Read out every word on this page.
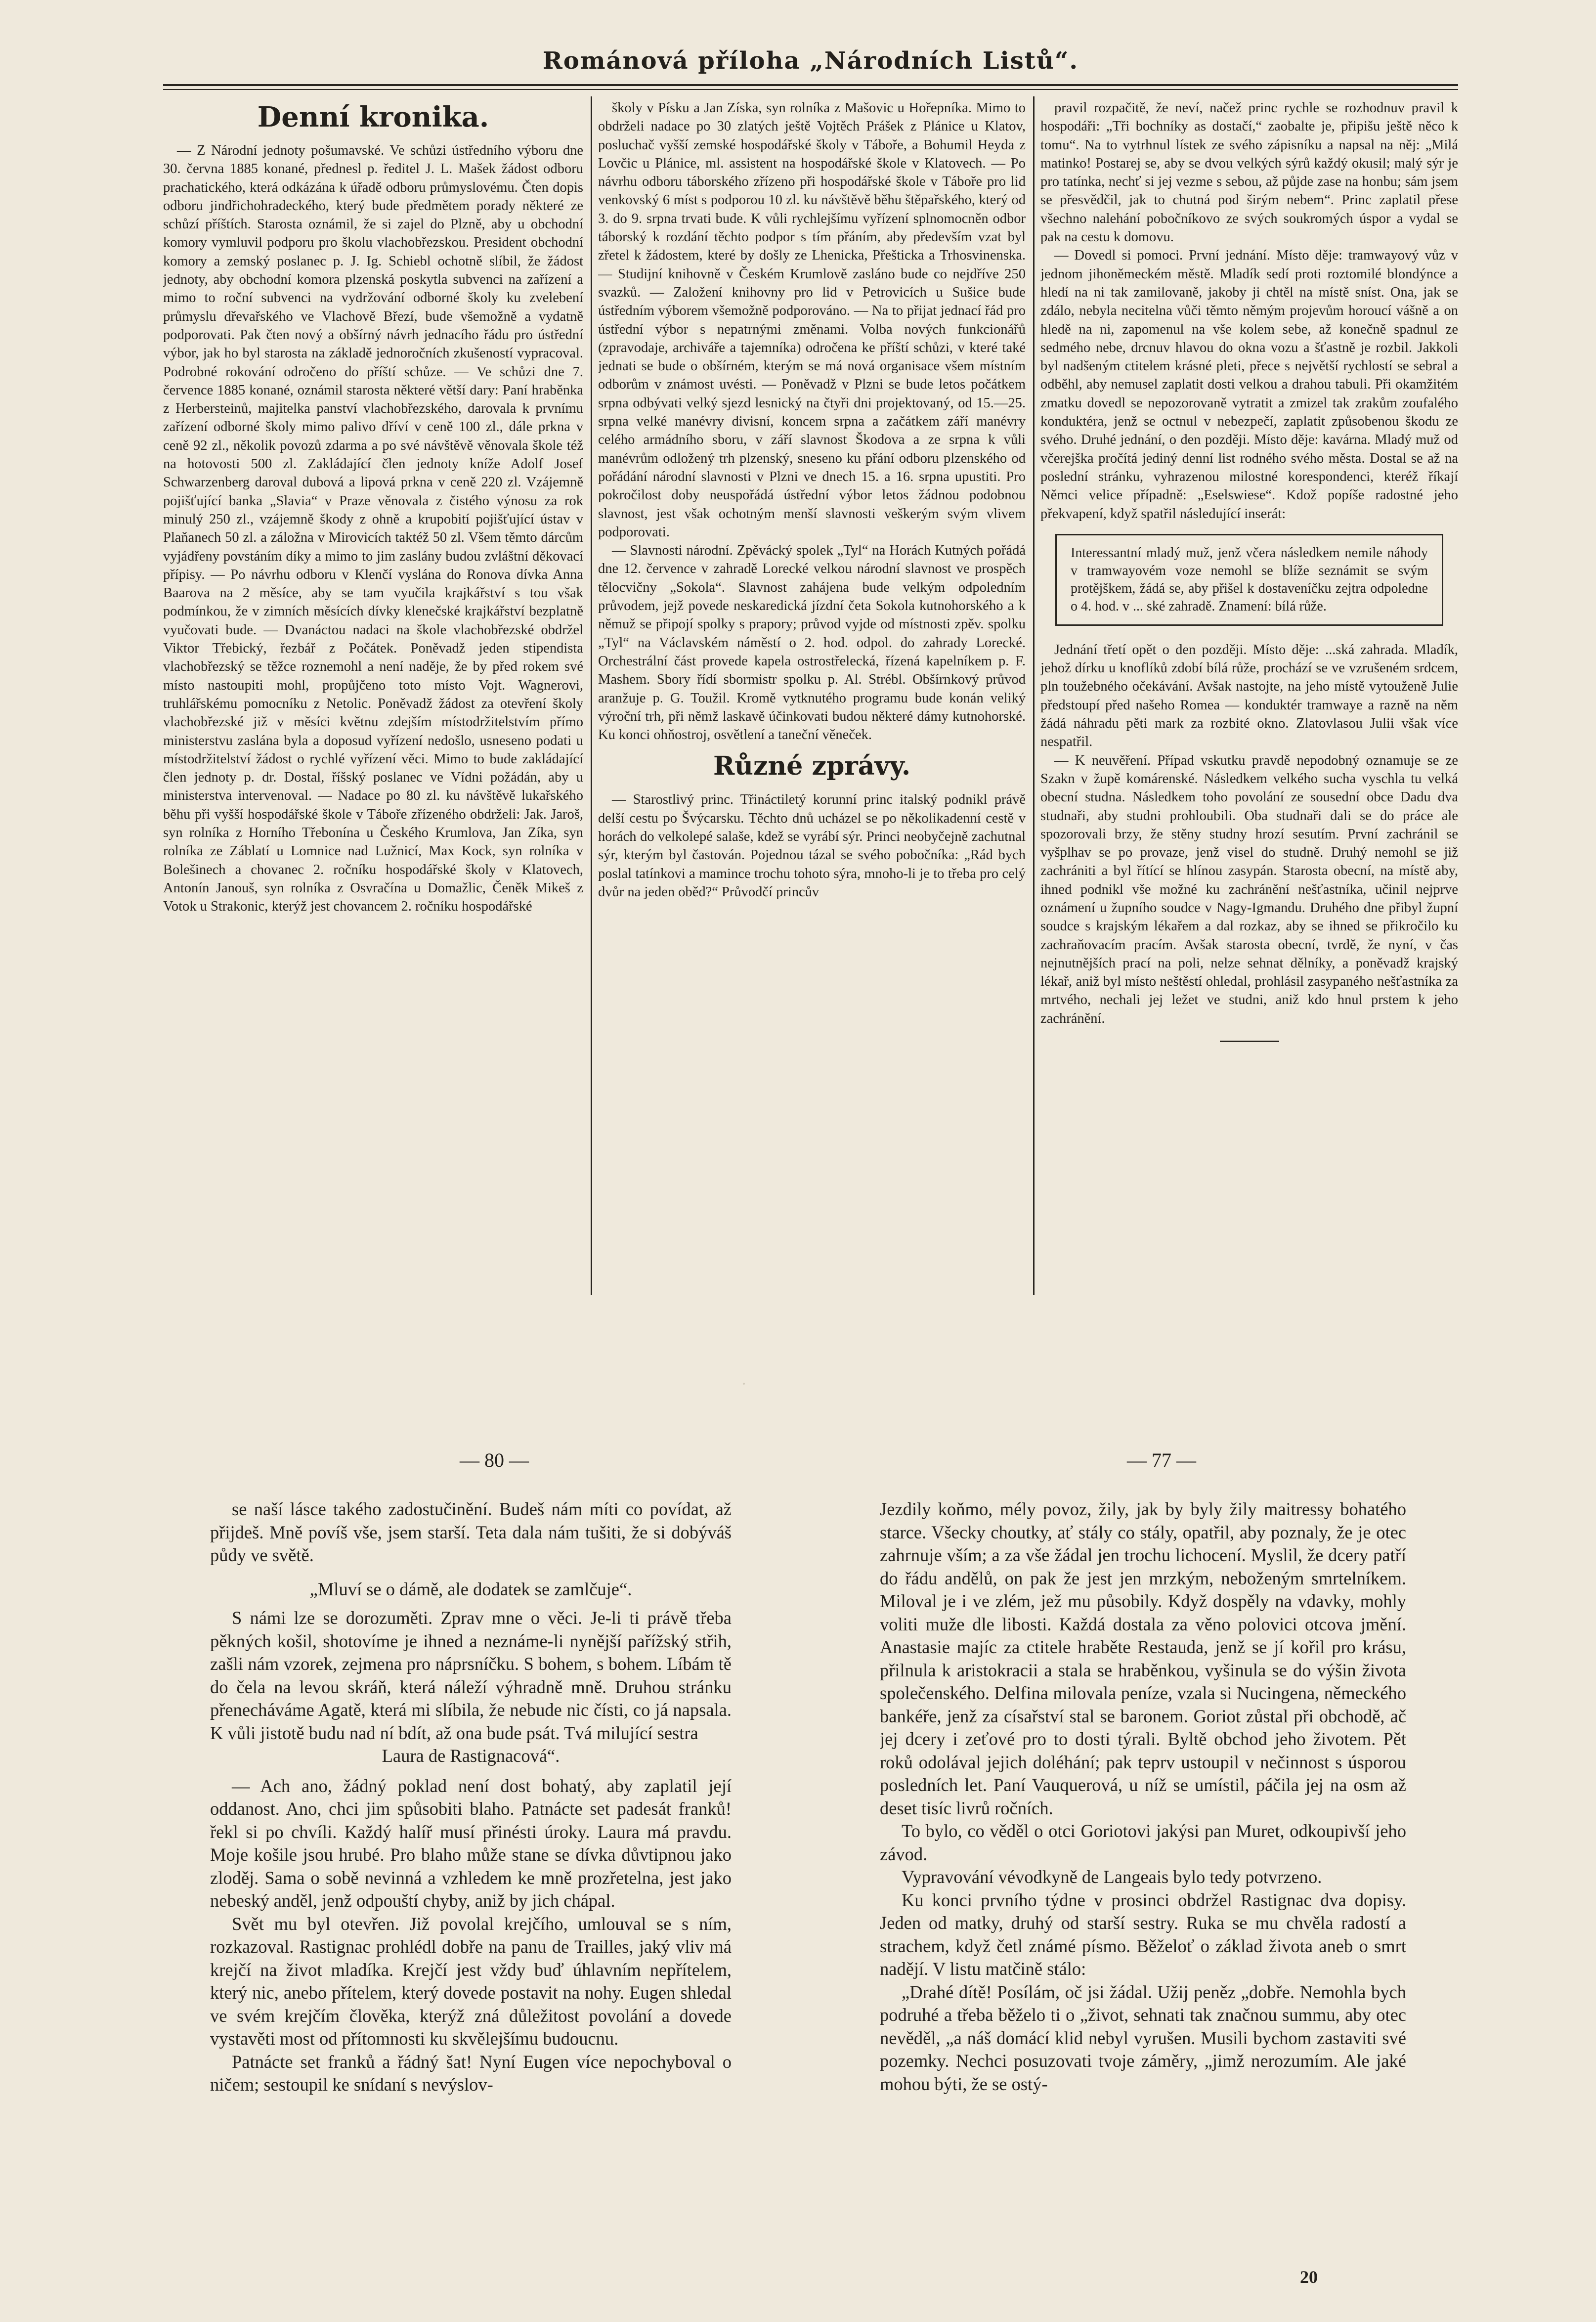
Románová příloha „Národních Listů“.
Denní kronika.

— Z Národní jednoty pošumavské. Ve schůzi ústředního výboru dne 30. června 1885 konané, přednesl p. ředitel J. L. Mašek žádost odboru prachatického, která odkázána k úřadě odboru průmyslovému. Čten dopis odboru jindřichohradeckého, který bude předmětem porady některé ze schůzí příštích. Starosta oznámil, že si zajel do Plzně, aby u obchodní komory vymluvil podporu pro školu vlachobřezskou. President obchodní komory a zemský poslanec p. J. Ig. Schiebl ochotně slíbil, že žádost jednoty, aby obchodní komora plzenská poskytla subvenci na zařízení a mimo to roční subvenci na vydržování odborné školy ku zvelebení průmyslu dřevařského ve Vlachově Březí, bude všemožně a vydatně podporovati. Pak čten nový a obšírný návrh jednacího řádu pro ústřední výbor, jak ho byl starosta na základě jednoročních zkušeností vypracoval. Podrobné rokování odročeno do příští schůze. — Ve schůzi dne 7. července 1885 konané, oznámil starosta některé větší dary: Paní hraběnka z Herbersteinů, majitelka panství vlachobřezského, darovala k prvnímu zařízení odborné školy mimo palivo dříví v ceně 100 zl., dále prkna v ceně 92 zl., několik povozů zdarma a po své návštěvě věnovala škole též na hotovosti 500 zl. Zakládající člen jednoty kníže Adolf Josef Schwarzenberg daroval dubová a lipová prkna v ceně 220 zl. Vzájemně pojišťující banka „Slavia“ v Praze věnovala z čistého výnosu za rok minulý 250 zl., vzájemně škody z ohně a krupobití pojišťující ústav v Plaňanech 50 zl. a záložna v Mirovicích taktéž 50 zl. Všem těmto dárcům vyjádřeny povstáním díky a mimo to jim zaslány budou zvláštní děkovací přípisy. — Po návrhu odboru v Klenčí vyslána do Ronova dívka Anna Baarova na 2 měsíce, aby se tam vyučila krajkářství s tou však podmínkou, že v zimních měsících dívky klenečské krajkářství bezplatně vyučovati bude. — Dvanáctou nadaci na škole vlachobřezské obdržel Viktor Třebický, řezbář z Počátek. Poněvadž jeden stipendista vlachobřezský se těžce roznemohl a není naděje, že by před rokem své místo nastoupiti mohl, propůjčeno toto místo Vojt. Wagnerovi, truhlářskému pomocníku z Netolic. Poněvadž žádost za otevření školy vlachobřezské již v měsíci květnu zdejším místodržitelstvím přímo ministerstvu zaslána byla a doposud vyřízení nedošlo, usneseno podati u místodržitelství žádost o rychlé vyřízení věci. Mimo to bude zakládající člen jednoty p. dr. Dostal, říšský poslanec ve Vídni požádán, aby u ministerstva intervenoval. — Nadace po 80 zl. ku návštěvě lukařského běhu při vyšší hospodářské škole v Táboře zřízeného obdrželi: Jak. Jaroš, syn rolníka z Horního Třebonína u Českého Krumlova, Jan Zíka, syn rolníka ze Záblatí u Lomnice nad Lužnicí, Max Kock, syn rolníka v Bolešinech a chovanec 2. ročníku hospodářské školy v Klatovech, Antonín Janouš, syn rolníka z Osvračína u Domažlic, Čeněk Mikeš z Votok u Strakonic, kterýž jest chovancem 2. ročníku hospodářské

školy v Písku a Jan Získa, syn rolníka z Mašovic u Hořepníka. Mimo to obdrželi nadace po 30 zlatých ještě Vojtěch Prášek z Plánice u Klatov, posluchač vyšší zemské hospodářské školy v Táboře, a Bohumil Heyda z Lovčic u Plánice, ml. assistent na hospodářské škole v Klatovech. — Po návrhu odboru táborského zřízeno při hospodářské škole v Táboře pro lid venkovský 6 míst s podporou 10 zl. ku návštěvě běhu štěpařského, který od 3. do 9. srpna trvati bude. K vůli rychlejšímu vyřízení splnomocněn odbor táborský k rozdání těchto podpor s tím přáním, aby především vzat byl zřetel k žádostem, které by došly ze Lhenicka, Přešticka a Trhosvinenska. — Studijní knihovně v Českém Krumlově zasláno bude co nejdříve 250 svazků. — Založení knihovny pro lid v Petrovicích u Sušice bude ústředním výborem všemožně podporováno. — Na to přijat jednací řád pro ústřední výbor s nepatrnými změnami. Volba nových funkcionářů (zpravodaje, archiváře a tajemníka) odročena ke příští schůzi, v které také jednati se bude o obšírném, kterým se má nová organisace všem místním odborům v známost uvésti. — Poněvadž v Plzni se bude letos počátkem srpna odbývati velký sjezd lesnický na čtyři dni projektovaný, od 15.—25. srpna velké manévry divisní, koncem srpna a začátkem září manévry celého armádního sboru, v září slavnost Škodova a ze srpna k vůli manévrům odložený trh plzenský, sneseno ku přání odboru plzenského od pořádání národní slavnosti v Plzni ve dnech 15. a 16. srpna upustiti. Pro pokročilost doby neuspořádá ústřední výbor letos žádnou podobnou slavnost, jest však ochotným menší slavnosti veškerým svým vlivem podporovati.

— Slavnosti národní. Zpěvácký spolek „Tyl“ na Horách Kutných pořádá dne 12. července v zahradě Lorecké velkou národní slavnost ve prospěch tělocvičny „Sokola“. Slavnost zahájena bude velkým odpoledním průvodem, jejž povede neskaredická jízdní četa Sokola kutnohorského a k němuž se připojí spolky s prapory; průvod vyjde od místnosti zpěv. spolku „Tyl“ na Václavském náměstí o 2. hod. odpol. do zahrady Lorecké. Orchestrální část provede kapela ostrostřelecká, řízená kapelníkem p. F. Mashem. Sbory řídí sbormistr spolku p. Al. Strébl. Obšírnkový průvod aranžuje p. G. Toužil. Kromě vytknutého programu bude konán veliký výroční trh, při němž laskavě účinkovati budou některé dámy kutnohorské. Ku konci ohňostroj, osvětlení a taneční věneček.

Různé zprávy.

— Starostlivý princ. Třináctiletý korunní princ italský podnikl právě delší cestu po Švýcarsku. Těchto dnů ucházel se po několikadenní cestě v horách do velkolepé salaše, kdež se vyrábí sýr. Princi neobyčejně zachutnal sýr, kterým byl častován. Pojednou tázal se svého pobočníka: „Rád bych poslal tatínkovi a mamince trochu tohoto sýra, mnoho-li je to třeba pro celý dvůr na jeden oběd?“ Průvodčí princův

pravil rozpačitě, že neví, načež princ rychle se rozhodnuv pravil k hospodáři: „Tři bochníky as dostačí,“ zaobalte je, připišu ještě něco k tomu“. Na to vytrhnul lístek ze svého zápisníku a napsal na něj: „Milá matinko! Postarej se, aby se dvou velkých sýrů každý okusil; malý sýr je pro tatínka, nechť si jej vezme s sebou, až půjde zase na honbu; sám jsem se přesvědčil, jak to chutná pod širým nebem“. Princ zaplatil přese všechno nalehání pobočníkovo ze svých soukromých úspor a vydal se pak na cestu k domovu.

— Dovedl si pomoci. První jednání. Místo děje: tramwayový vůz v jednom jihoněmeckém městě. Mladík sedí proti roztomilé blondýnce a hledí na ni tak zamilovaně, jakoby ji chtěl na místě sníst. Ona, jak se zdálo, nebyla necitelna vůči těmto němým projevům horoucí vášně a on hledě na ni, zapomenul na vše kolem sebe, až konečně spadnul ze sedmého nebe, drcnuv hlavou do okna vozu a šťastně je rozbil. Jakkoli byl nadšeným ctitelem krásné pleti, přece s největší rychlostí se sebral a odběhl, aby nemusel zaplatit dosti velkou a drahou tabuli. Při okamžitém zmatku dovedl se nepozorovaně vytratit a zmizel tak zrakům zoufalého konduktéra, jenž se octnul v nebezpečí, zaplatit způsobenou škodu ze svého. Druhé jednání, o den později. Místo děje: kavárna. Mladý muž od včerejška pročítá jediný denní list rodného svého města. Dostal se až na poslední stránku, vyhrazenou milostné korespondenci, kteréž říkají Němci velice případně: „Eselswiese“. Kdož popíše radostné jeho překvapení, když spatřil následující inserát:

Interessantní mladý muž, jenž včera následkem nemile náhody v tramwayovém voze nemohl se blíže seznámit se svým protějškem, žádá se, aby přišel k dostaveníčku zejtra odpoledne o 4. hod. v ... ské zahradě. Znamení: bílá růže.

Jednání třetí opět o den později. Místo děje: ...ská zahrada. Mladík, jehož dírku u knoflíků zdobí bílá růže, prochází se ve vzrušeném srdcem, pln toužebného očekávání. Avšak nastojte, na jeho místě vytouženě Julie předstoupí před našeho Romea — konduktér tramwaye a razně na něm žádá náhradu pěti mark za rozbité okno. Zlatovlasou Julii však více nespatřil.

— K neuvěření. Případ vskutku pravdě nepodobný oznamuje se ze Szakn v župě komárenské. Následkem velkého sucha vyschla tu velká obecní studna. Následkem toho povolání ze sousední obce Dadu dva studnaři, aby studni prohloubili. Oba studnaři dali se do práce ale spozorovali brzy, že stěny studny hrozí sesutím. První zachránil se vyšplhav se po provaze, jenž visel do studně. Druhý nemohl se již zachrániti a byl řítící se hlínou zasypán. Starosta obecní, na místě aby, ihned podnikl vše možné ku zachránění nešťastníka, učinil nejprve oznámení u župního soudce v Nagy-Igmandu. Druhého dne přibyl župní soudce s krajským lékařem a dal rozkaz, aby se ihned se přikročilo ku zachraňovacím pracím. Avšak starosta obecní, tvrdě, že nyní, v čas nejnutnějších prací na poli, nelze sehnat dělníky, a poněvadž krajský lékař, aniž byl místo neštěstí ohledal, prohlásil zasypaného nešťastníka za mrtvého, nechali jej ležet ve studni, aniž kdo hnul prstem k jeho zachránění.

·
— 80 —	— 77 —

se naší lásce takého zadostučinění. Budeš nám míti co povídat, až přijdeš. Mně povíš vše, jsem starší. Teta dala nám tušiti, že si dobýváš půdy ve světě.

„Mluví se o dámě, ale dodatek se zamlčuje“.

S námi lze se dorozuměti. Zprav mne o věci. Je-li ti právě třeba pěkných košil, shotovíme je ihned a neznáme-li nynější pařížský střih, zašli nám vzorek, zejmena pro náprsníčku. S bohem, s bohem. Líbám tě do čela na levou skráň, která náleží výhradně mně. Druhou stránku přenecháváme Agatě, která mi slíbila, že nebude nic čísti, co já napsala. K vůli jistotě budu nad ní bdít, až ona bude psát. Tvá milující sestra

Laura de Rastignacová“.

— Ach ano, žádný poklad není dost bohatý, aby zaplatil její oddanost. Ano, chci jim spůsobiti blaho. Patnácte set padesát franků! řekl si po chvíli. Každý halíř musí přinésti úroky. Laura má pravdu. Moje košile jsou hrubé. Pro blaho může stane se dívka důvtipnou jako zloděj. Sama o sobě nevinná a vzhledem ke mně prozřetelna, jest jako nebeský anděl, jenž odpouští chyby, aniž by jich chápal.

Svět mu byl otevřen. Již povolal krejčího, umlouval se s ním, rozkazoval. Rastignac prohlédl dobře na panu de Trailles, jaký vliv má krejčí na život mladíka. Krejčí jest vždy buď úhlavním nepřítelem, který nic, anebo přítelem, který dovede postavit na nohy. Eugen shledal ve svém krejčím člověka, kterýž zná důležitost povolání a dovede vystavěti most od přítomnosti ku skvělejšímu budoucnu.

Patnácte set franků a řádný šat! Nyní Eugen více nepochyboval o ničem; sestoupil ke snídaní s nevýslov-

Jezdily koňmo, mély povoz, žily, jak by byly žily maitressy bohatého starce. Všecky choutky, ať stály co stály, opatřil, aby poznaly, že je otec zahrnuje vším; a za vše žádal jen trochu lichocení. Myslil, že dcery patří do řádu andělů, on pak že jest jen mrzkým, neboženým smrtelníkem. Miloval je i ve zlém, jež mu působily. Když dospěly na vdavky, mohly voliti muže dle libosti. Každá dostala za věno polovici otcova jmění. Anastasie majíc za ctitele hraběte Restauda, jenž se jí kořil pro krásu, přilnula k aristokracii a stala se hraběnkou, vyšinula se do výšin života společenského. Delfina milovala peníze, vzala si Nucingena, německého bankéře, jenž za císařství stal se baronem. Goriot zůstal při obchodě, ač jej dcery i zeťové pro to dosti týrali. Byltě obchod jeho životem. Pět roků odolával jejich doléhání; pak teprv ustoupil v nečinnost s úsporou posledních let. Paní Vauquerová, u níž se umístil, páčila jej na osm až deset tisíc livrů ročních.

To bylo, co věděl o otci Goriotovi jakýsi pan Muret, odkoupivší jeho závod.

Vypravování vévodkyně de Langeais bylo tedy potvrzeno.

Ku konci prvního týdne v prosinci obdržel Rastignac dva dopisy. Jeden od matky, druhý od starší sestry. Ruka se mu chvěla radostí a strachem, když četl známé písmo. Běželoť o základ života aneb o smrt nadějí. V listu matčině stálo:

„Drahé dítě! Posílám, oč jsi žádal. Užij peněz „dobře. Nemohla bych podruhé a třeba běželo ti o „život, sehnati tak značnou summu, aby otec nevěděl, „a náš domácí klid nebyl vyrušen. Musili bychom zastaviti své pozemky. Nechci posuzovati tvoje záměry, „jimž nerozumím. Ale jaké mohou býti, že se ostý-

20
